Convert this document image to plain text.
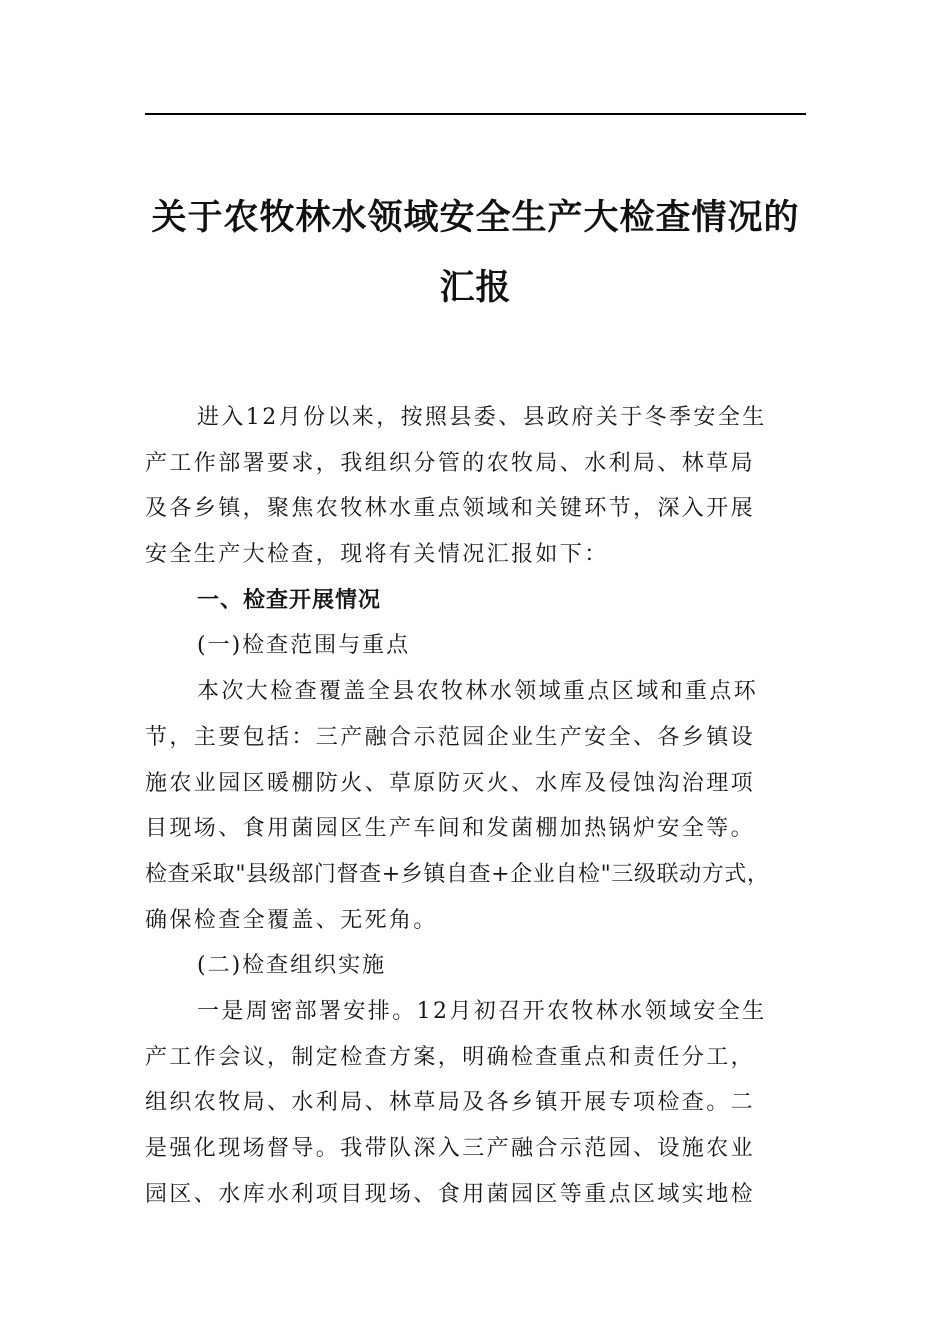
关于农牧林水领域安全生产大检查情况的
汇报
进入12月份以来，按照县委、县政府关于冬季安全生
产工作部署要求，我组织分管的农牧局、水利局、林草局
及各乡镇，聚焦农牧林水重点领域和关键环节，深入开展
安全生产大检查，现将有关情况汇报如下：
一、检查开展情况
(一)检查范围与重点
本次大检查覆盖全县农牧林水领域重点区域和重点环
节，主要包括：三产融合示范园企业生产安全、各乡镇设
施农业园区暖棚防火、草原防灭火、水库及侵蚀沟治理项
目现场、食用菌园区生产车间和发菌棚加热锅炉安全等。
检查采取"县级部门督查+乡镇自查+企业自检"三级联动方式，
确保检查全覆盖、无死角。
(二)检查组织实施
一是周密部署安排。12月初召开农牧林水领域安全生
产工作会议，制定检查方案，明确检查重点和责任分工，
组织农牧局、水利局、林草局及各乡镇开展专项检查。二
是强化现场督导。我带队深入三产融合示范园、设施农业
园区、水库水利项目现场、食用菌园区等重点区域实地检
